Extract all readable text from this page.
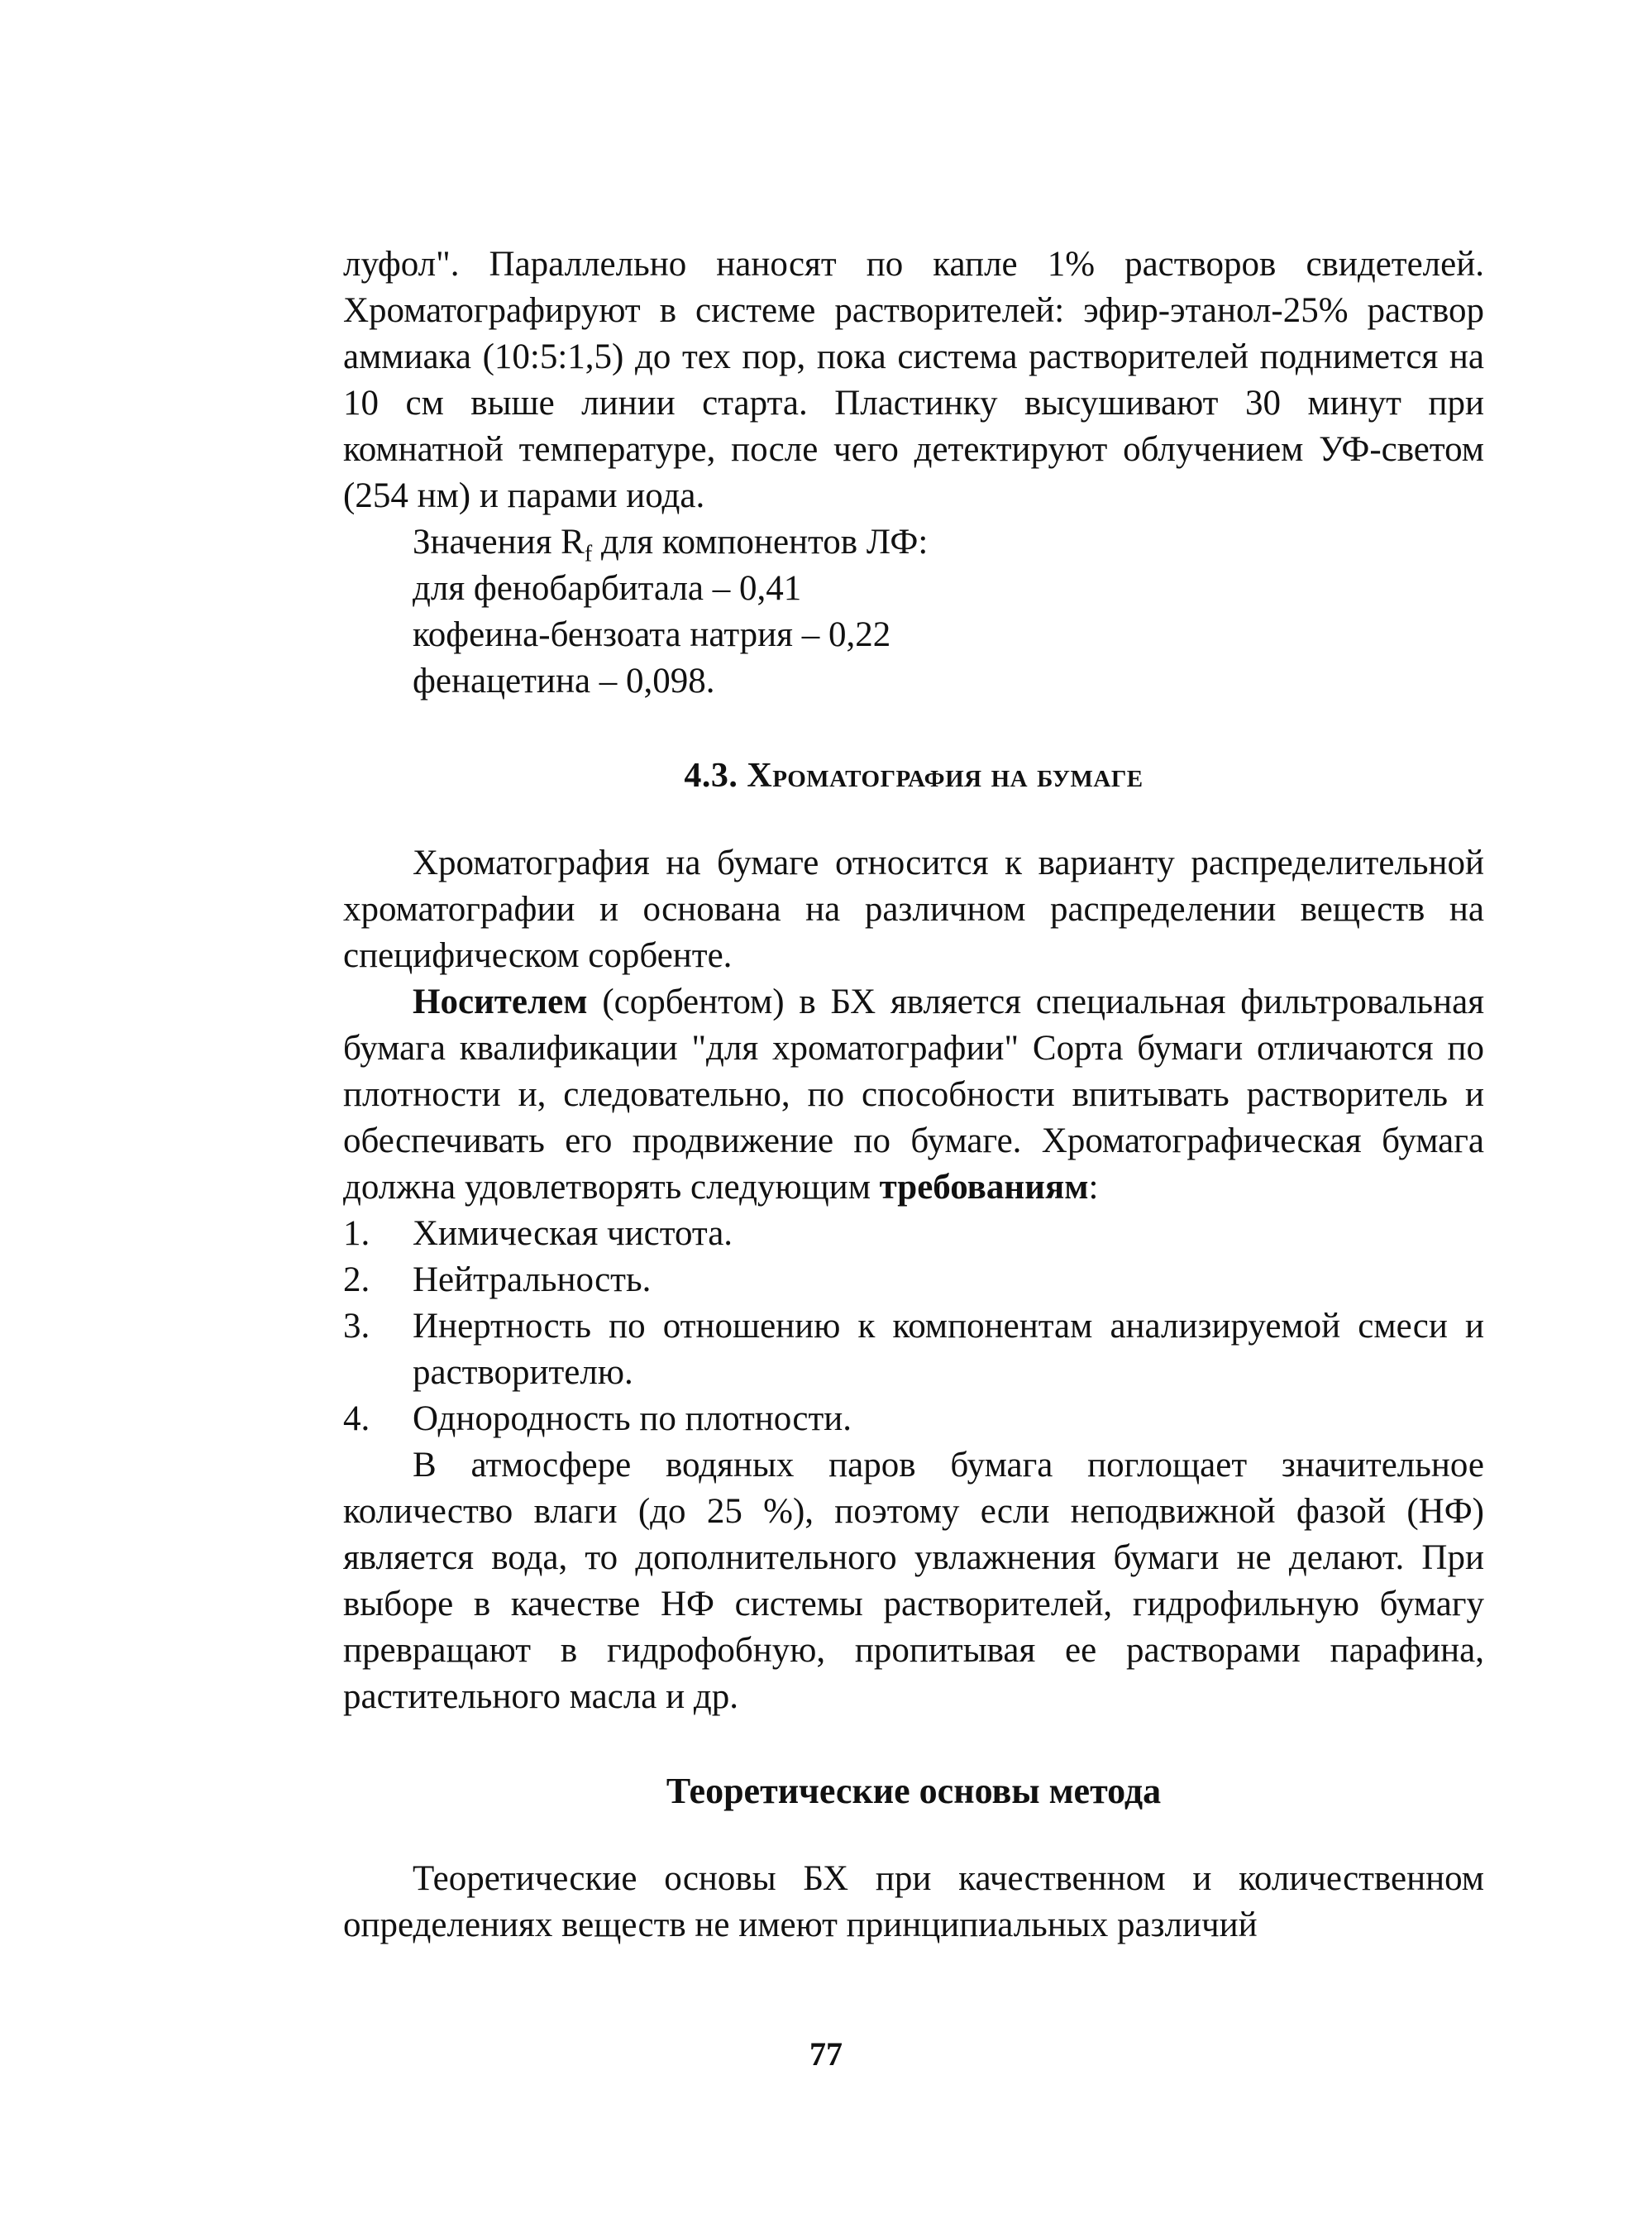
луфол". Параллельно наносят по капле 1% растворов свидетелей. Хроматографируют в системе растворителей: эфир-этанол-25% раствор аммиака (10:5:1,5) до тех пор, пока система растворителей поднимется на 10 см выше линии старта. Пластинку высушивают 30 минут при комнатной температуре, после чего детектируют облучением УФ-светом (254 нм) и парами иода.

Значения $R_f$ для компонентов ЛФ:

для фенобарбитала – 0,41
кофеина-бензоата натрия – 0,22
фенацетина – 0,098.
4.3. Хроматография на бумаге

Хроматография на бумаге относится к варианту распределительной хроматографии и основана на различном распределении веществ на специфическом сорбенте.

Носителем (сорбентом) в БХ является специальная фильтровальная бумага квалификации "для хроматографии" Сорта бумаги отличаются по плотности и, следовательно, по способности впитывать растворитель и обеспечивать его продвижение по бумаге. Хроматографическая бумага должна удовлетворять следующим требованиям:

1. Химическая чистота.
2. Нейтральность.
3. Инертность по отношению к компонентам анализируемой смеси и растворителю.
4. Однородность по плотности.

В атмосфере водяных паров бумага поглощает значительное количество влаги (до 25 %), поэтому если неподвижной фазой (НФ) является вода, то дополнительного увлажнения бумаги не делают. При выборе в качестве НФ системы растворителей, гидрофильную бумагу превращают в гидрофобную, пропитывая ее растворами парафина, растительного масла и др.

Теоретические основы метода

Теоретические основы БХ при качественном и количественном определениях веществ не имеют принципиальных различий

77
